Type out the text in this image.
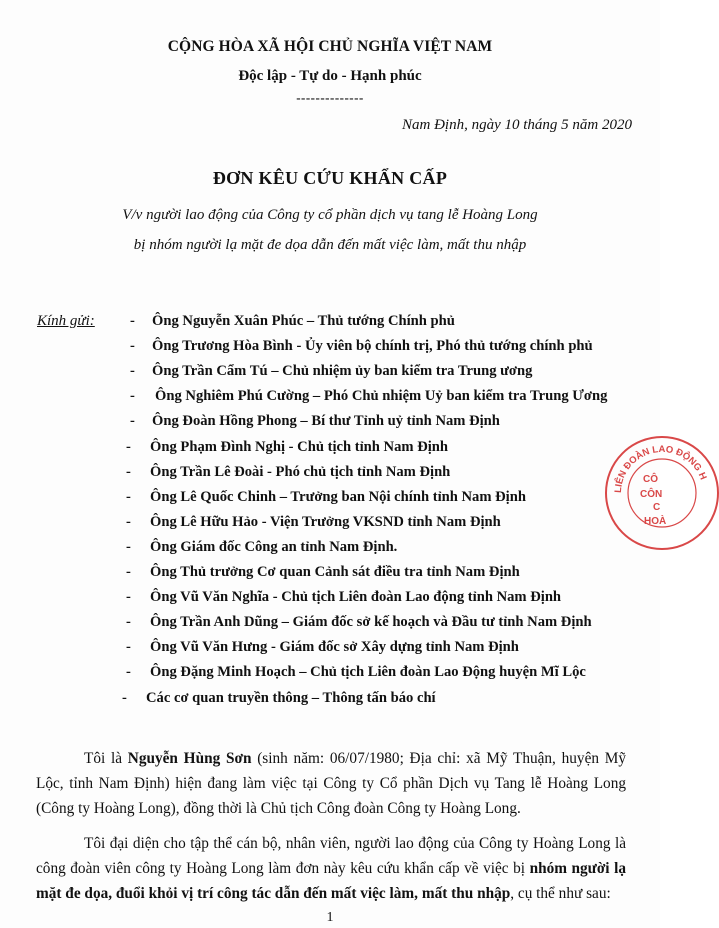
CỘNG HÒA XÃ HỘI CHỦ NGHĨA VIỆT NAM
Độc lập - Tự do - Hạnh phúc
--------------
Nam Định, ngày 10 tháng 5 năm 2020
ĐƠN KÊU CỨU KHẨN CẤP
V/v người lao động của Công ty cổ phần dịch vụ tang lễ Hoàng Long
bị nhóm người lạ mặt đe dọa dẫn đến mất việc làm, mất thu nhập
Kính gửi: - Ông Nguyễn Xuân Phúc – Thủ tướng Chính phủ
- Ông Trương Hòa Bình - Ủy viên bộ chính trị, Phó thủ tướng chính phủ
- Ông Trần Cẩm Tú – Chủ nhiệm ủy ban kiểm tra Trung ương
- Ông Nghiêm Phú Cường – Phó Chủ nhiệm Uỷ ban kiểm tra Trung Ương
- Ông Đoàn Hồng Phong – Bí thư Tỉnh uỷ tỉnh Nam Định
- Ông Phạm Đình Nghị - Chủ tịch tỉnh Nam Định
- Ông Trần Lê Đoài - Phó chủ tịch tỉnh Nam Định
- Ông Lê Quốc Chinh – Trưởng ban Nội chính tỉnh Nam Định
- Ông Lê Hữu Hảo - Viện Trưởng VKSND tỉnh Nam Định
- Ông Giám đốc Công an tỉnh Nam Định.
- Ông Thủ trưởng Cơ quan Cảnh sát điều tra tỉnh Nam Định
- Ông Vũ Văn Nghĩa - Chủ tịch Liên đoàn Lao động tỉnh Nam Định
- Ông Trần Anh Dũng – Giám đốc sở kế hoạch và Đầu tư tỉnh Nam Định
- Ông Vũ Văn Hưng - Giám đốc sở Xây dựng tỉnh Nam Định
- Ông Đặng Minh Hoạch – Chủ tịch Liên đoàn Lao Động huyện Mĩ Lộc
- Các cơ quan truyền thông – Thông tấn báo chí
Tôi là Nguyễn Hùng Sơn (sinh năm: 06/07/1980; Địa chỉ: xã Mỹ Thuận, huyện Mỹ Lộc, tỉnh Nam Định) hiện đang làm việc tại Công ty Cổ phần Dịch vụ Tang lễ Hoàng Long (Công ty Hoàng Long), đồng thời là Chủ tịch Công đoàn Công ty Hoàng Long.
Tôi đại diện cho tập thể cán bộ, nhân viên, người lao động của Công ty Hoàng Long là công đoàn viên công ty Hoàng Long làm đơn này kêu cứu khẩn cấp về việc bị nhóm người lạ mặt đe dọa, đuổi khỏi vị trí công tác dẫn đến mất việc làm, mất thu nhập, cụ thể như sau:
1
LIÊN ĐOÀN LAO ĐỘNG H
CÔ
CÔN
C
HOÀ
